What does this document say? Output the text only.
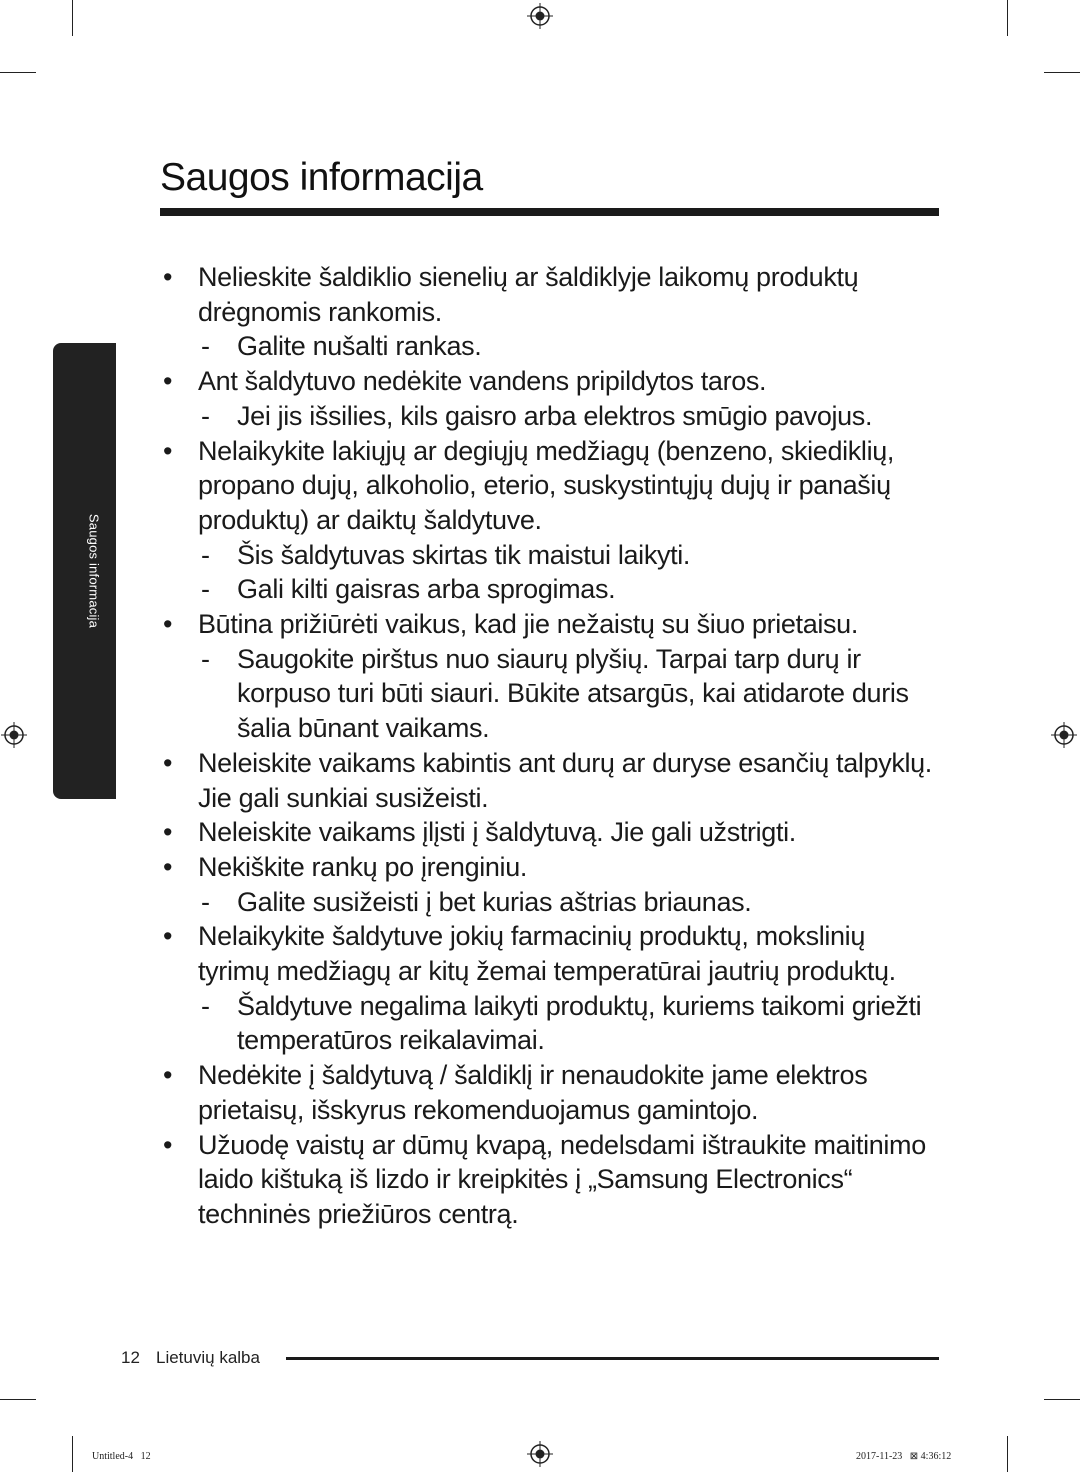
Saugos informacija
Saugos informacija
• Nelieskite šaldiklio sienelių ar šaldiklyje laikomų produktų drėgnomis rankomis.
- Galite nušalti rankas.
• Ant šaldytuvo nedėkite vandens pripildytos taros.
- Jei jis išsilies, kils gaisro arba elektros smūgio pavojus.
• Nelaikykite lakiųjų ar degiųjų medžiagų (benzeno, skiediklių, propano dujų, alkoholio, eterio, suskystintųjų dujų ir panašių produktų) ar daiktų šaldytuve.
- Šis šaldytuvas skirtas tik maistui laikyti.
- Gali kilti gaisras arba sprogimas.
• Būtina prižiūrėti vaikus, kad jie nežaistų su šiuo prietaisu.
- Saugokite pirštus nuo siaurų plyšių. Tarpai tarp durų ir korpuso turi būti siauri. Būkite atsargūs, kai atidarote duris šalia būnant vaikams.
• Neleiskite vaikams kabintis ant durų ar duryse esančių talpyklų. Jie gali sunkiai susižeisti.
• Neleiskite vaikams įlįsti į šaldytuvą. Jie gali užstrigti.
• Nekiškite rankų po įrenginiu.
- Galite susižeisti į bet kurias aštrias briaunas.
• Nelaikykite šaldytuve jokių farmacinių produktų, mokslinių tyrimų medžiagų ar kitų žemai temperatūrai jautrių produktų.
- Šaldytuve negalima laikyti produktų, kuriems taikomi griežti temperatūros reikalavimai.
• Nedėkite į šaldytuvą / šaldiklį ir nenaudokite jame elektros prietaisų, išskyrus rekomenduojamus gamintojo.
• Užuodę vaistų ar dūmų kvapą, nedelsdami ištraukite maitinimo laido kištuką iš lizdo ir kreipkitės į „Samsung Electronics“ techninės priežiūros centrą.
12 Lietuvių kalba
Untitled-4   12	2017-11-23   ⊠ 4:36:12
